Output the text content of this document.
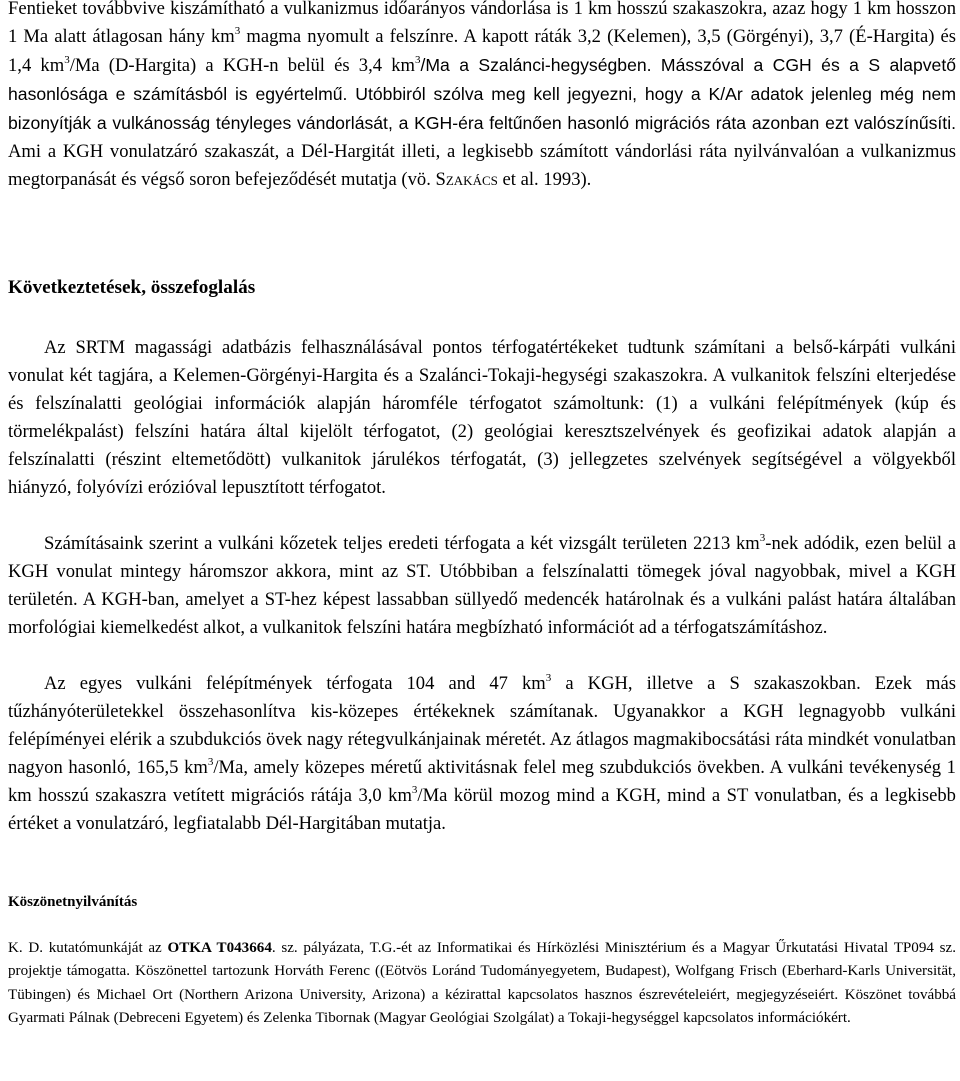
Fentieket továbbvive kiszámítható a vulkanizmus időarányos vándorlása is 1 km hosszú szakaszokra, azaz hogy 1 km hosszon 1 Ma alatt átlagosan hány $km^3$ magma nyomult a felszínre. A kapott ráták 3,2 (Kelemen), 3,5 (Görgényi), 3,7 (É-Hargita) és 1,4 $km^3/Ma$ (D-Hargita) a KGH-n belül és 3,4 $km^3/Ma$ a Szalánci-hegységben. Másszóval a CGH és a S alapvető hasonlósága e számításból is egyértelmű. Utóbbiról szólva meg kell jegyezni, hogy a K/Ar adatok jelenleg még nem bizonyítják a vulkánosság tényleges vándorlását, a KGH-éra feltűnően hasonló migrációs ráta azonban ezt valószínűsíti. Ami a KGH vonulatzáró szakaszát, a Dél-Hargitát illeti, a legkisebb számított vándorlási ráta nyilvánvalóan a vulkanizmus megtorpanását és végső soron befejeződését mutatja (vö. Szakács et al. 1993).

Következtetések, összefoglalás

Az SRTM magassági adatbázis felhasználásával pontos térfogatértékeket tudtunk számítani a belső-kárpáti vulkáni vonulat két tagjára, a Kelemen-Görgényi-Hargita és a Szalánci-Tokaji-hegységi szakaszokra. A vulkanitok felszíni elterjedése és felszínalatti geológiai információk alapján háromféle térfogatot számoltunk: (1) a vulkáni felépítmények (kúp és törmelékpalást) felszíni határa által kijelölt térfogatot, (2) geológiai keresztszelvények és geofizikai adatok alapján a felszínalatti (részint eltemetődött) vulkanitok járulékos térfogatát, (3) jellegzetes szelvények segítségével a völgyekből hiányzó, folyóvízi erózióval lepusztított térfogatot.

Számításaink szerint a vulkáni kőzetek teljes eredeti térfogata a két vizsgált területen 2213 $km^3$-nek adódik, ezen belül a KGH vonulat mintegy háromszor akkora, mint az ST. Utóbbiban a felszínalatti tömegek jóval nagyobbak, mivel a KGH területén. A KGH-ban, amelyet a ST-hez képest lassabban süllyedő medencék határolnak és a vulkáni palást határa általában morfológiai kiemelkedést alkot, a vulkanitok felszíni határa megbízható információt ad a térfogatszámításhoz.

Az egyes vulkáni felépítmények térfogata 104 and 47 $km^3$ a KGH, illetve a S szakaszokban. Ezek más tűzhányóterületekkel összehasonlítva kis-közepes értékeknek számítanak. Ugyanakkor a KGH legnagyobb vulkáni felépíményei elérik a szubdukciós övek nagy rétegvulkánjainak méretét. Az átlagos magmakibocsátási ráta mindkét vonulatban nagyon hasonló, 165,5 $km^3/Ma$, amely közepes méretű aktivitásnak felel meg szubdukciós övekben. A vulkáni tevékenység 1 km hosszú szakaszra vetített migrációs rátája 3,0 $km^3/Ma$ körül mozog mind a KGH, mind a ST vonulatban, és a legkisebb értéket a vonulatzáró, legfiatalabb Dél-Hargitában mutatja.

Köszönetnyilvánítás

K. D. kutatómunkáját az OTKA T043664. sz. pályázata, T.G.-ét az Informatikai és Hírközlési Minisztérium és a Magyar Űrkutatási Hivatal TP094 sz. projektje támogatta. Köszönettel tartozunk Horváth Ferenc ((Eötvös Loránd Tudományegyetem, Budapest), Wolfgang Frisch (Eberhard-Karls Universität, Tübingen) és Michael Ort (Northern Arizona University, Arizona) a kézirattal kapcsolatos hasznos észrevételeiért, megjegyzéseiért. Köszönet továbbá Gyarmati Pálnak (Debreceni Egyetem) és Zelenka Tibornak (Magyar Geológiai Szolgálat) a Tokaji-hegységgel kapcsolatos információkért.
